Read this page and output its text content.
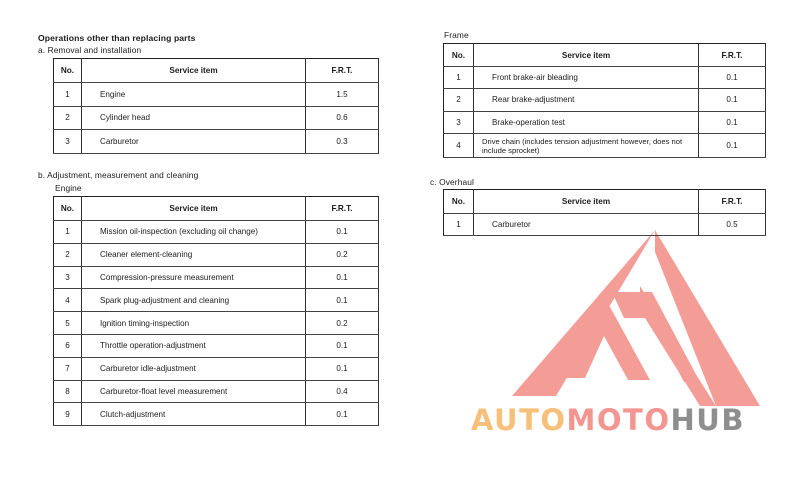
AUTOMOTOHUB
Operations other than replacing parts
a. Removal and installation
No.	Service item	F.R.T.
1	Engine	1.5
2	Cylinder head	0.6
3	Carburetor	0.3
b. Adjustment, measurement and cleaning
Engine
No.	Service item	F.R.T.
1	Mission oil-inspection (excluding oil change)	0.1
2	Cleaner element-cleaning	0.2
3	Compression-pressure measurement	0.1
4	Spark plug-adjustment and cleaning	0.1
5	Ignition timing-inspection	0.2
6	Throttle operation-adjustment	0.1
7	Carburetor idle-adjustment	0.1
8	Carburetor-float level measurement	0.4
9	Clutch-adjustment	0.1
Frame
No.	Service item	F.R.T.
1	Front brake-air bleading	0.1
2	Rear brake-adjustment	0.1
3	Brake-operation test	0.1
4	Drive chain (includes tension adjustment however, does not include sprocket)	0.1
c. Overhaul
No.	Service item	F.R.T.
1	Carburetor	0.5
